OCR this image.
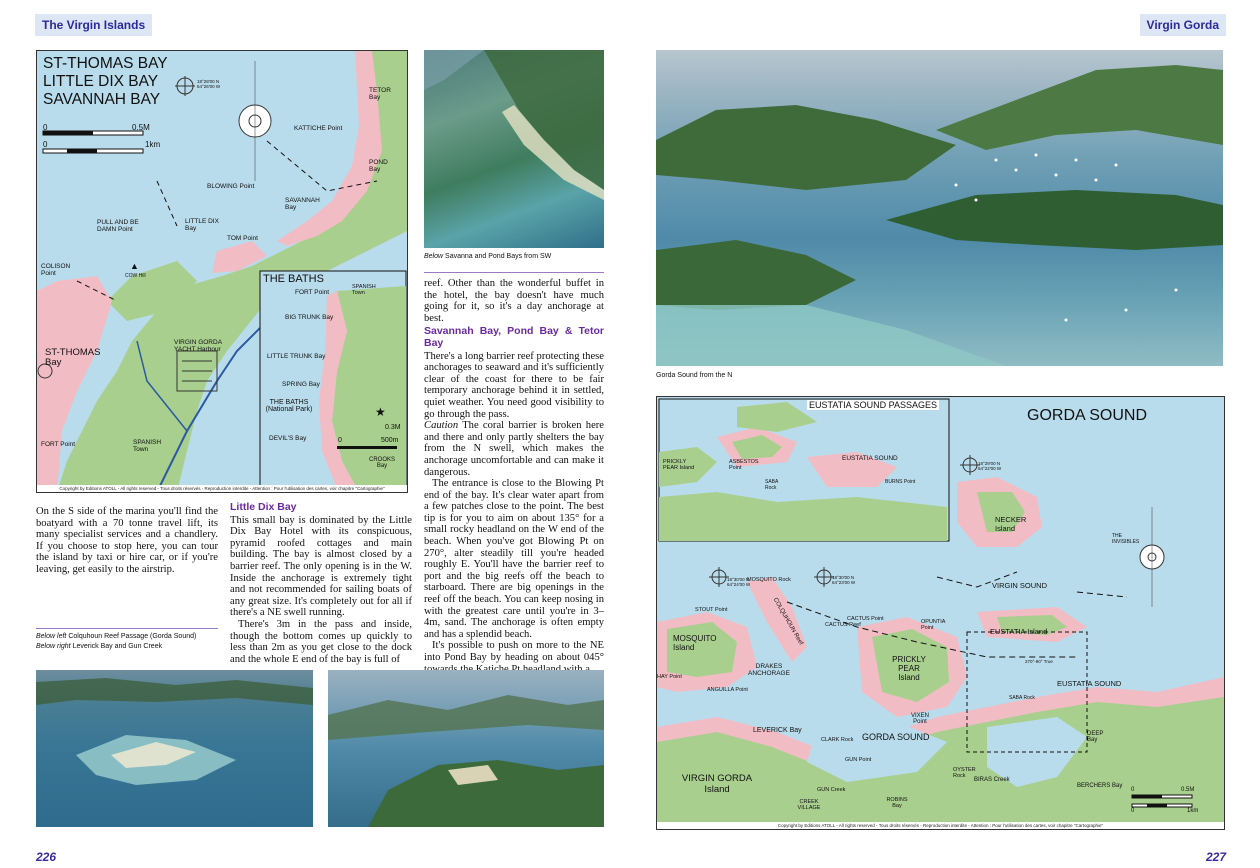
The Virgin Islands
▲
★
ST-THOMAS BAY
LITTLE DIX BAY
SAVANNAH BAY
0	0.5M
0	1km
18°28'00 N
64°26'00 W
TETOR Bay
KATTICHE Point
POND Bay
SAVANNAH Bay
BLOWING Point
LITTLE DIX Bay
PULL AND BE DAMN Point
TOM Point
COLISON Point	COW Hill
ST-THOMAS Bay
VIRGIN GORDA YACHT Harbour
FORT Point	SPANISH Town
THE BATHS
FORT Point
SPANISH Town
BIG TRUNK Bay
LITTLE TRUNK Bay
SPRING Bay
THE BATHS (National Park)
DEVIL'S Bay
CROOKS Bay
0.3M
500m
0
Copyright by Editions ATOLL - All rights reserved - Tous droits réservés - Reproduction interdite - Attention : Pour l'utilisation des cartes, voir chapitre "Cartographie"
Below Savanna and Pond Bays from SW

On the S side of the marina you'll find the boatyard with a 70 tonne travel lift, its many specialist services and a chandlery. If you choose to stop here, you can tour the island by taxi or hire car, or if you're leaving, get easily to the airstrip.

Below left Colquhoun Reef Passage (Gorda Sound)
Below right Leverick Bay and Gun Creek
Little Dix Bay

This small bay is dominated by the Little Dix Bay Hotel with its conspicuous, pyramid roofed cottages and main building. The bay is almost closed by a barrier reef. The only opening is in the W. Inside the anchorage is extremely tight and not recommended for sailing boats of any great size. It's completely out for all if there's a NE swell running.

There's 3m in the pass and inside, though the bottom comes up quickly to less than 2m as you get close to the dock and the whole E end of the bay is full of

reef. Other than the wonderful buffet in the hotel, the bay doesn't have much going for it, so it's a day anchorage at best.

Savannah Bay, Pond Bay & Tetor Bay

There's a long barrier reef protecting these anchorages to seaward and it's sufficiently clear of the coast for there to be fair temporary anchorage behind it in settled, quiet weather. You need good visibility to go through the pass.

Caution The coral barrier is broken here and there and only partly shelters the bay from the N swell, which makes the anchorage uncomfortable and can make it dangerous.

The entrance is close to the Blowing Pt end of the bay. It's clear water apart from a few patches close to the point. The best tip is for you to aim on about 135° for a small rocky headland on the W end of the beach. When you've got Blowing Pt on 270°, alter steadily till you're headed roughly E. You'll have the barrier reef to port and the big reefs off the beach to starboard. There are big openings in the reef off the beach. You can keep nosing in with the greatest care until you're in 3–4m, sand. The anchorage is often empty and has a splendid beach.

It's possible to push on more to the NE into Pond Bay by heading on about 045°

226
Virgin Gorda
Gorda Sound from the N
GORDA SOUND
EUSTATIA SOUND PASSAGES
NECKER Island
THE INVISIBLES
VIRGIN SOUND
MOSQUITO Rock
STOUT Point
MOSQUITO Island
HAY Point
COLQUHOUN Reef	CACTUS Point
CACTUS Reef	OPUNTIA Point	EUSTATIA Island
EUSTATIA SOUND
DRAKES ANCHORAGE
PRICKLY PEAR Island
ANGUILLA Point
LEVERICK Bay
CLARK Rock
VIXEN Point
GORDA SOUND
SABA Rock
BIRAS Creek
DEEP Bay
OYSTER Rock
GUN Point
GUN Creek
ROBINS Bay
BERCHERS Bay
VIRGIN GORDA Island
CREEK VILLAGE
PRICKLY PEAR Island
ASBESTOS Point
SABA Rock
EUSTATIA SOUND
BURNS Point
18°30'00 N
64°24'00 W
18°30'00 N
64°23'00 W
18°29'00 N
64°22'00 W
270°-90° True
0	0.5M
0	1km
Copyright by Editions ATOLL - All rights reserved - Tous droits réservés - Reproduction interdite - Attention : Pour l'utilisation des cartes, voir chapitre "Cartographie"
227
